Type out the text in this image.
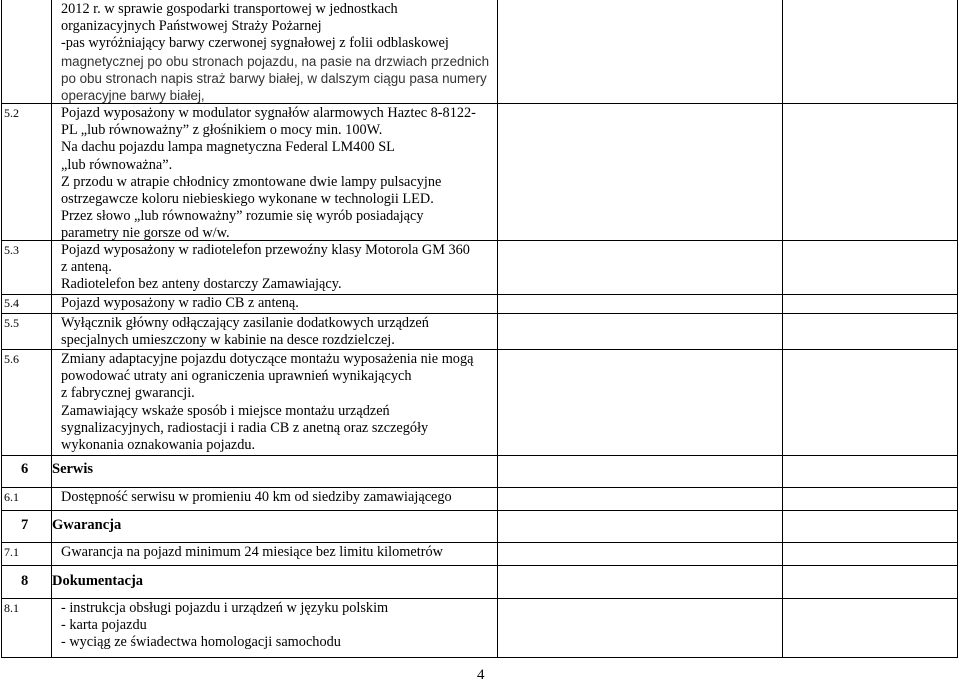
2012 r. w sprawie gospodarki transportowej w jednostkach
organizacyjnych Państwowej Straży Pożarnej
-pas wyróżniający barwy czerwonej sygnałowej z folii odblaskowej
magnetycznej po obu stronach pojazdu, na pasie na drzwiach przednich
po obu stronach napis straż barwy białej, w dalszym ciągu pasa numery
operacyjne barwy białej,
5.2	Pojazd wyposażony w modulator sygnałów alarmowych Haztec 8-8122-
PL „lub równoważny” z głośnikiem o mocy min. 100W.
Na dachu pojazdu lampa magnetyczna Federal LM400 SL
„lub równoważna”.
Z przodu w atrapie chłodnicy zmontowane dwie lampy pulsacyjne
ostrzegawcze koloru niebieskiego wykonane w technologii LED.
Przez słowo „lub równoważny” rozumie się wyrób posiadający
parametry nie gorsze od w/w.
5.3	Pojazd wyposażony w radiotelefon przewoźny klasy Motorola GM 360
z anteną.
Radiotelefon bez anteny dostarczy Zamawiający.
5.4	Pojazd wyposażony w radio CB z anteną.
5.5	Wyłącznik główny odłączający zasilanie dodatkowych urządzeń
specjalnych umieszczony w kabinie na desce rozdzielczej.
5.6	Zmiany adaptacyjne pojazdu dotyczące montażu wyposażenia nie mogą
powodować utraty ani ograniczenia uprawnień wynikających
z fabrycznej gwarancji.
Zamawiający wskaże sposób i miejsce montażu urządzeń
sygnalizacyjnych, radiostacji i radia CB z anetną oraz szczegóły
wykonania oznakowania pojazdu.
6 Serwis
6.1	Dostępność serwisu w promieniu 40 km od siedziby zamawiającego
7 Gwarancja
7.1	Gwarancja na pojazd minimum 24 miesiące bez limitu kilometrów
8 Dokumentacja
8.1	- instrukcja obsługi pojazdu i urządzeń w języku polskim
- karta pojazdu
- wyciąg ze świadectwa homologacji samochodu
4
